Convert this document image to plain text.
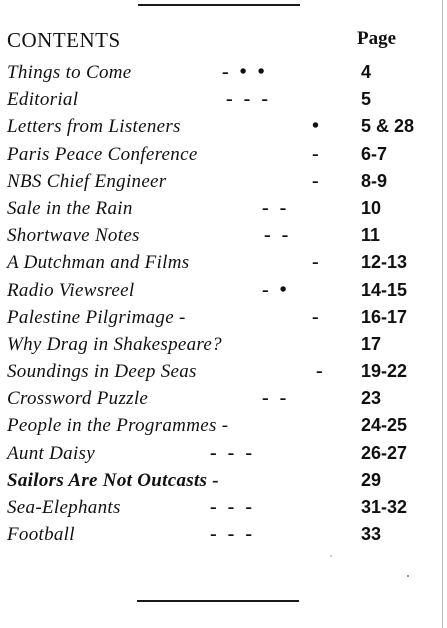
CONTENTS	Page
Things to Come	- • •	4
Editorial	- - -	5
Letters from Listeners	• 5 & 28
Paris Peace Conference	- 6-7
NBS Chief Engineer	- 8-9
Sale in the Rain	- -	10
Shortwave Notes	- -	11
A Dutchman and Films	- 12-13
Radio Viewsreel	- •	14-15
Palestine Pilgrimage -	- 16-17
Why Drag in Shakespeare?	17
Soundings in Deep Seas	- 19-22
Crossword Puzzle	- -	23
People in the Programmes -	24-25
Aunt Daisy	- - -	26-27
Sailors Are Not Outcasts -	29
Sea-Elephants	- - -	31-32
Football	- - -	33
